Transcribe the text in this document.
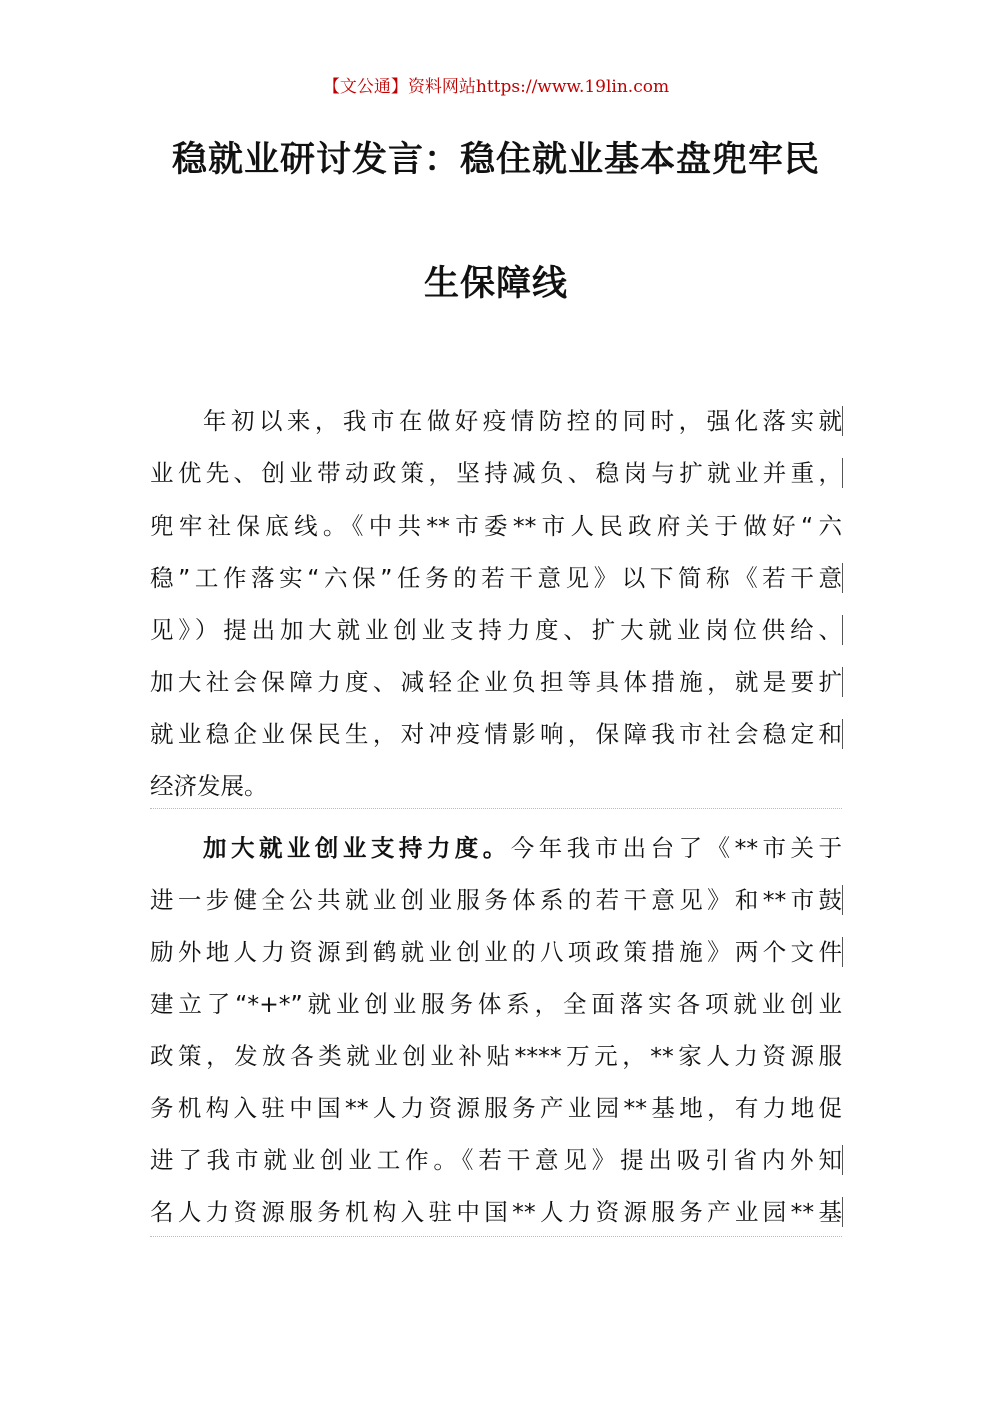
【文公通】资料网站https://www.19lin.com
稳就业研讨发言：稳住就业基本盘兜牢民
生保障线
年初以来，我市在做好疫情防控的同时，强化落实就
业优先、创业带动政策，坚持减负、稳岗与扩就业并重，
兜牢社保底线。《中共**市委**市人民政府关于做好“六
稳”工作落实“六保”任务的若干意见》以下简称《若干意
见》）提出加大就业创业支持力度、扩大就业岗位供给、
加大社会保障力度、减轻企业负担等具体措施，就是要扩
就业稳企业保民生，对冲疫情影响，保障我市社会稳定和
经济发展。
加大就业创业支持力度。今年我市出台了《**市关于
进一步健全公共就业创业服务体系的若干意见》和**市鼓
励外地人力资源到鹤就业创业的八项政策措施》两个文件
建立了“*+*”就业创业服务体系，全面落实各项就业创业
政策，发放各类就业创业补贴****万元，**家人力资源服
务机构入驻中国**人力资源服务产业园**基地，有力地促
进了我市就业创业工作。《若干意见》提出吸引省内外知
名人力资源服务机构入驻中国**人力资源服务产业园**基
